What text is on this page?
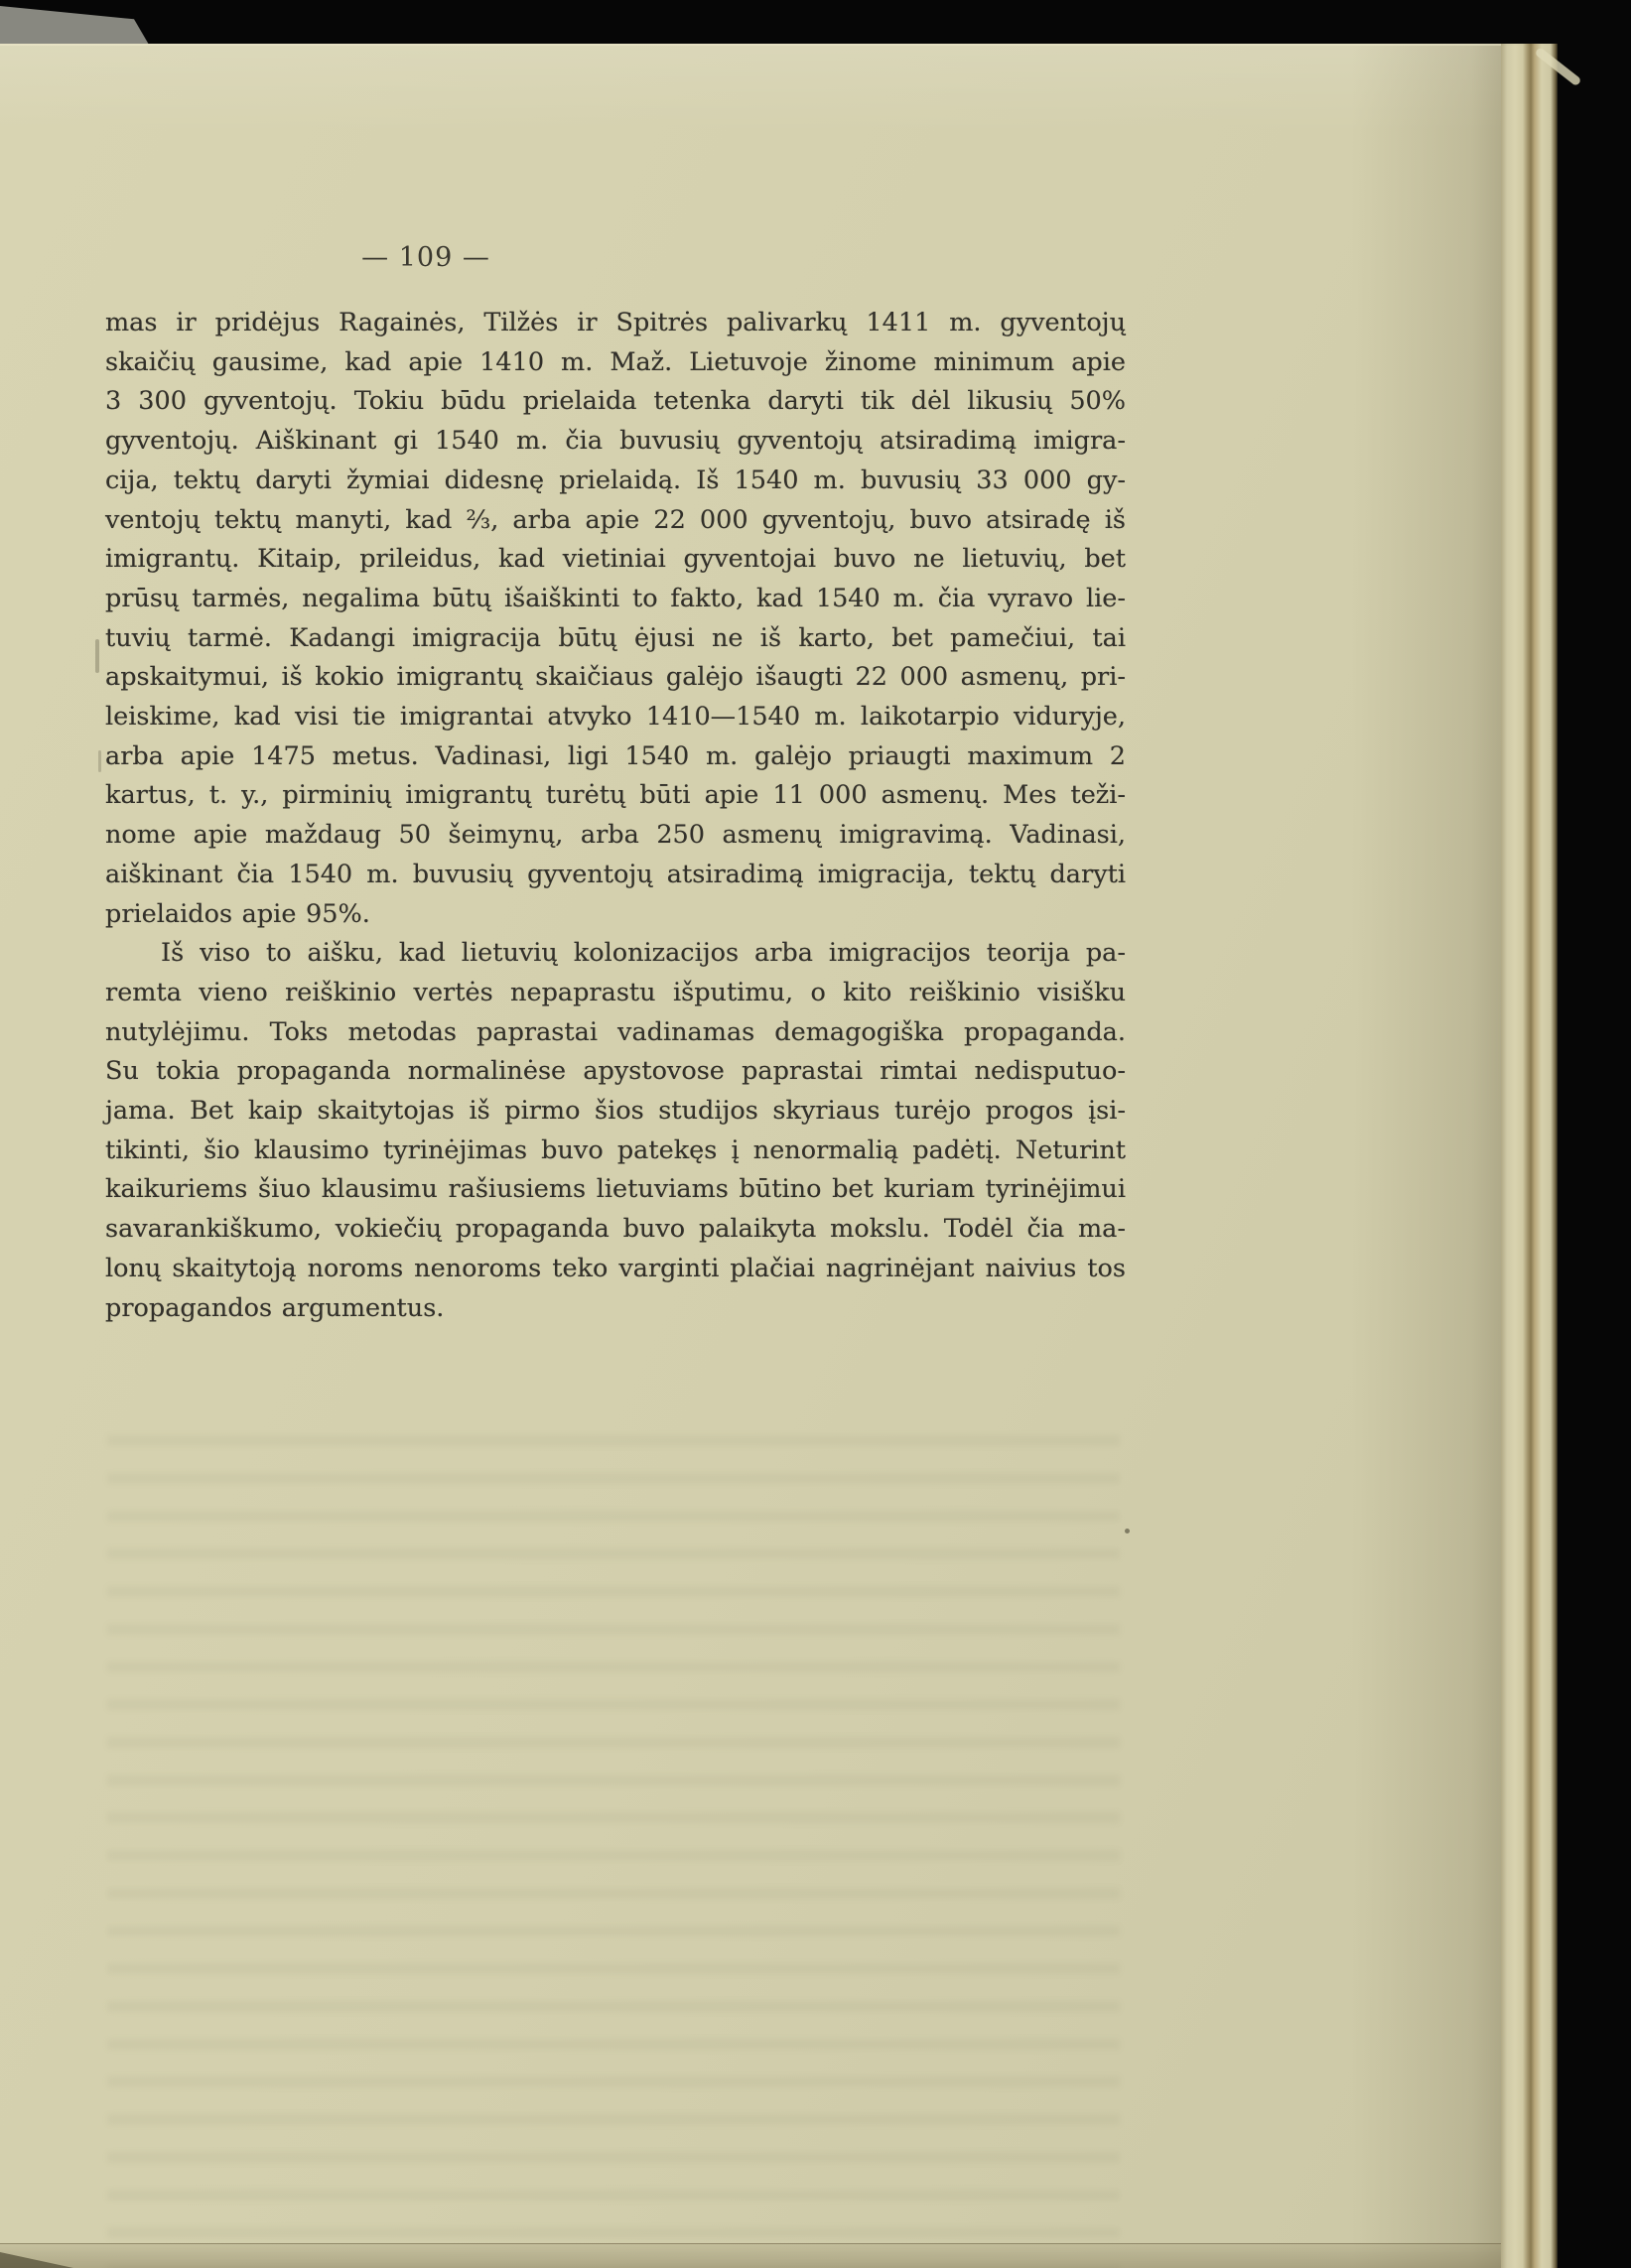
— 109 —
mas ir pridėjus Ragainės, Tilžės ir Spitrės palivarkų 1411 m. gyventojų
skaičių gausime, kad apie 1410 m. Maž. Lietuvoje žinome minimum apie
3 300 gyventojų. Tokiu būdu prielaida tetenka daryti tik dėl likusių 50%
gyventojų. Aiškinant gi 1540 m. čia buvusių gyventojų atsiradimą imigra-
cija, tektų daryti žymiai didesnę prielaidą. Iš 1540 m. buvusių 33 000 gy-
ventojų tektų manyti, kad ⅔, arba apie 22 000 gyventojų, buvo atsiradę iš
imigrantų. Kitaip, prileidus, kad vietiniai gyventojai buvo ne lietuvių, bet
prūsų tarmės, negalima būtų išaiškinti to fakto, kad 1540 m. čia vyravo lie-
tuvių tarmė. Kadangi imigracija būtų ėjusi ne iš karto, bet pamečiui, tai
apskaitymui, iš kokio imigrantų skaičiaus galėjo išaugti 22 000 asmenų, pri-
leiskime, kad visi tie imigrantai atvyko 1410—1540 m. laikotarpio viduryje,
arba apie 1475 metus. Vadinasi, ligi 1540 m. galėjo priaugti maximum 2
kartus, t. y., pirminių imigrantų turėtų būti apie 11 000 asmenų. Mes teži-
nome apie maždaug 50 šeimynų, arba 250 asmenų imigravimą. Vadinasi,
aiškinant čia 1540 m. buvusių gyventojų atsiradimą imigracija, tektų daryti
prielaidos apie 95%.
Iš viso to aišku, kad lietuvių kolonizacijos arba imigracijos teorija pa-
remta vieno reiškinio vertės nepaprastu išputimu, o kito reiškinio visišku
nutylėjimu. Toks metodas paprastai vadinamas demagogiška propaganda.
Su tokia propaganda normalinėse apystovose paprastai rimtai nedisputuo-
jama. Bet kaip skaitytojas iš pirmo šios studijos skyriaus turėjo progos įsi-
tikinti, šio klausimo tyrinėjimas buvo patekęs į nenormalią padėtį. Neturint
kaikuriems šiuo klausimu rašiusiems lietuviams būtino bet kuriam tyrinėjimui
savarankiškumo, vokiečių propaganda buvo palaikyta mokslu. Todėl čia ma-
lonų skaitytoją noroms nenoroms teko varginti plačiai nagrinėjant naivius tos
propagandos argumentus.
